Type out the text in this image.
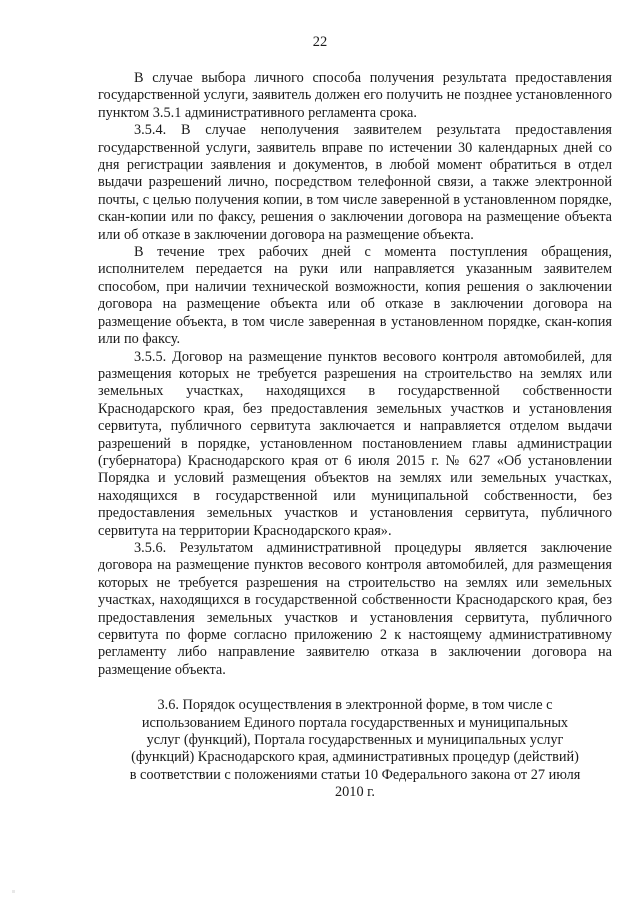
22

В случае выбора личного способа получения результата предоставления государственной услуги, заявитель должен его получить не позднее установленного пунктом 3.5.1 административного регламента срока.

3.5.4. В случае неполучения заявителем результата предоставления государственной услуги, заявитель вправе по истечении 30 календарных дней со дня регистрации заявления и документов, в любой момент обратиться в отдел выдачи разрешений лично, посредством телефонной связи, а также электронной почты, с целью получения копии, в том числе заверенной в установленном порядке, скан-копии или по факсу, решения о заключении договора на размещение объекта или об отказе в заключении договора на размещение объекта.

В течение трех рабочих дней с момента поступления обращения, исполнителем передается на руки или направляется указанным заявителем способом, при наличии технической возможности, копия решения о заключении договора на размещение объекта или об отказе в заключении договора на размещение объекта, в том числе заверенная в установленном порядке, скан-копия или по факсу.

3.5.5. Договор на размещение пунктов весового контроля автомобилей, для размещения которых не требуется разрешения на строительство на землях или земельных участках, находящихся в государственной собственности Краснодарского края, без предоставления земельных участков и установления сервитута, публичного сервитута заключается и направляется отделом выдачи разрешений в порядке, установленном постановлением главы администрации (губернатора) Краснодарского края от 6 июля 2015 г. № 627 «Об установлении Порядка и условий размещения объектов на землях или земельных участках, находящихся в государственной или муниципальной собственности, без предоставления земельных участков и установления сервитута, публичного сервитута на территории Краснодарского края».

3.5.6. Результатом административной процедуры является заключение договора на размещение пунктов весового контроля автомобилей, для размещения которых не требуется разрешения на строительство на землях или земельных участках, находящихся в государственной собственности Краснодарского края, без предоставления земельных участков и установления сервитута, публичного сервитута по форме согласно приложению 2 к настоящему административному регламенту либо направление заявителю отказа в заключении договора на размещение объекта.

3.6. Порядок осуществления в электронной форме, в том числе с использованием Единого портала государственных и муниципальных услуг (функций), Портала государственных и муниципальных услуг (функций) Краснодарского края, административных процедур (действий) в соответствии с положениями статьи 10 Федерального закона от 27 июля 2010 г.
